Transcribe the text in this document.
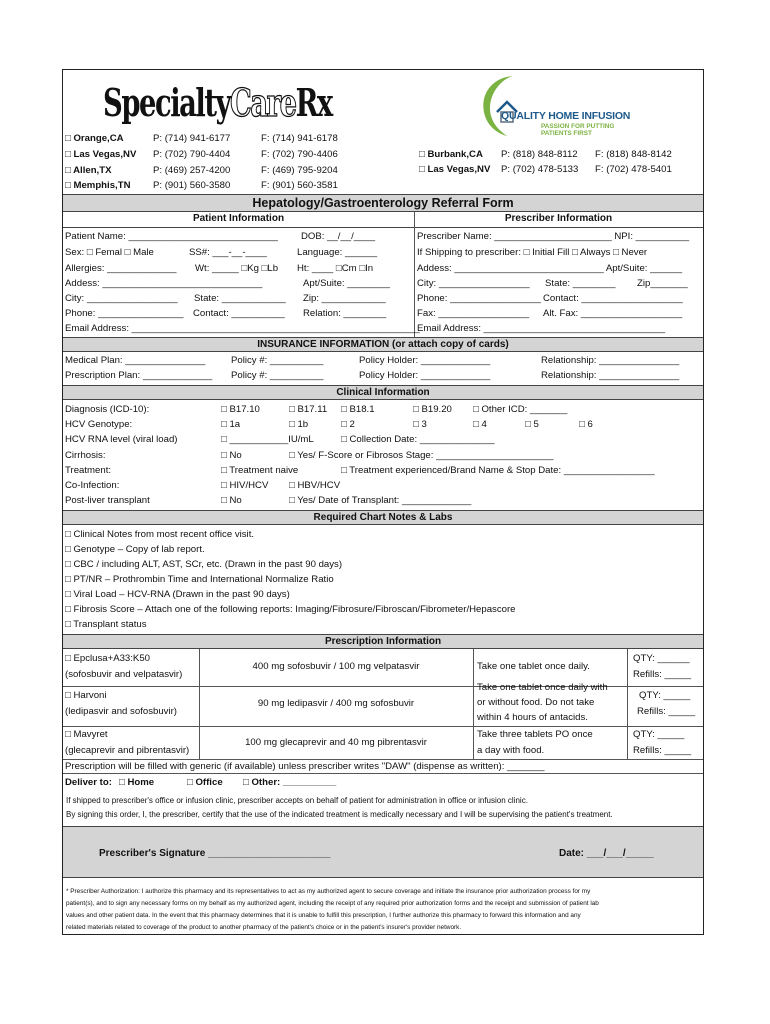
SpecialtyCareRx	QUALITY HOME INFUSION
PASSION FOR PUTTING
PATIENTS FIRST
□ Orange,CA	P: (714) 941-6177	F: (714) 941-6178
□ Las Vegas,NV P: (702) 790-4404	F: (702) 790-4406
□ Allen,TX	P: (469) 257-4200	F: (469) 795-9204
□ Memphis,TN P: (901) 560-3580	F: (901) 560-3581
□ Burbank,CA P: (818) 848-8112 F: (818) 848-8142
□ Las Vegas,NV P: (702) 478-5133 F: (702) 478-5401
Hepatology/Gastroenterology Referral Form
Patient Information	Prescriber Information
Patient Name: ____________________________ DOB: __/__/____
Sex: □ Femal □ Male	SS#: ___-__-____	Language: ______
Allergies: _____________ Wt: _____ □Kg □Lb Ht: ____ □Cm □In
Addess: ______________________________	Apt/Suite: ________
City: _________________ State: ____________ Zip: ____________
Phone: ________________ Contact: __________ Relation: ________
Email Address: ______________________________________________________
Prescriber Name: ______________________ NPI: __________
If Shipping to prescriber: □ Initial Fill □ Always □ Never
Addess: ____________________________ Apt/Suite: ______
City: _________________ State: ________ Zip_______
Phone: _________________ Contact: ___________________
Fax: _________________ Alt. Fax: ___________________
Email Address: __________________________________
INSURANCE INFORMATION (or attach copy of cards)
Medical Plan: _______________	Policy #: __________	Policy Holder: _____________	Relationship: _______________
Prescription Plan: _____________ Policy #: __________	Policy Holder: _____________	Relationship: _______________
Clinical Information
Diagnosis (ICD-10):	□ B17.10	□ B17.11 □ B18.1	□ B19.20 □ Other ICD: _______
HCV Genotype:	□ 1a	□ 1b	□ 2	□ 3	□ 4	□ 5	□ 6
HCV RNA level (viral load)	□ ___________IU/mL	□ Collection Date: ______________
Cirrhosis:	□ No	□ Yes/ F-Score or Fibrosos Stage: ______________________
Treatment:	□ Treatment naive	□ Treatment experienced/Brand Name & Stop Date: _________________
Co-Infection:	□ HIV/HCV □ HBV/HCV
Post-liver transplant	□ No	□ Yes/ Date of Transplant: _____________
Required Chart Notes & Labs
□ Clinical Notes from most recent office visit.
□ Genotype – Copy of lab report.
□ CBC / including ALT, AST, SCr, etc. (Drawn in the past 90 days)
□ PT/NR – Prothrombin Time and International Normalize Ratio
□ Viral Load – HCV-RNA (Drawn in the past 90 days)
□ Fibrosis Score – Attach one of the following reports: Imaging/Fibrosure/Fibroscan/Fibrometer/Hepascore
□ Transplant status
Prescription Information
□ Epclusa+A33:K50
(sofosbuvir and velpatasvir)
400 mg sofosbuvir / 100 mg velpatasvir	Take one tablet once daily.
QTY: ______
Refills: _____
□ Harvoni
(ledipasvir and sofosbuvir)
90 mg ledipasvir / 400 mg sofosbuvir
Take one tablet once daily with
or without food. Do not take
within 4 hours of antacids.
QTY: _____
Refills: _____
□ Mavyret
(glecaprevir and pibrentasvir)
100 mg glecaprevir and 40 mg pibrentasvir
Take three tablets PO once
a day with food.
QTY: _____
Refills: _____
Prescription will be filled with generic (if available) unless prescriber writes "DAW" (dispense as written): _______
Deliver to: □ Home	□ Office □ Other: __________
If shipped to prescriber's office or infusion clinic, prescriber accepts on behalf of patient for administration in office or infusion clinic.
By signing this order, I, the prescriber, certify that the use of the indicated treatment is medically necessary and I will be supervising the patient's treatment.
Prescriber's Signature ______________________	Date: ___/___/_____
* Prescriber Authorization: I authorize this pharmacy and its representatives to act as my authorized agent to secure coverage and initiate the insurance prior authorization process for my
patient(s), and to sign any necessary forms on my behalf as my authorized agent, including the receipt of any required prior authorization forms and the receipt and submission of patient lab
values and other patient data. In the event that this pharmacy determines that it is unable to fulfill this prescription, I further authorize this pharmacy to forward this information and any
related materials related to coverage of the product to another pharmacy of the patient's choice or in the patient's insurer's provider network.
